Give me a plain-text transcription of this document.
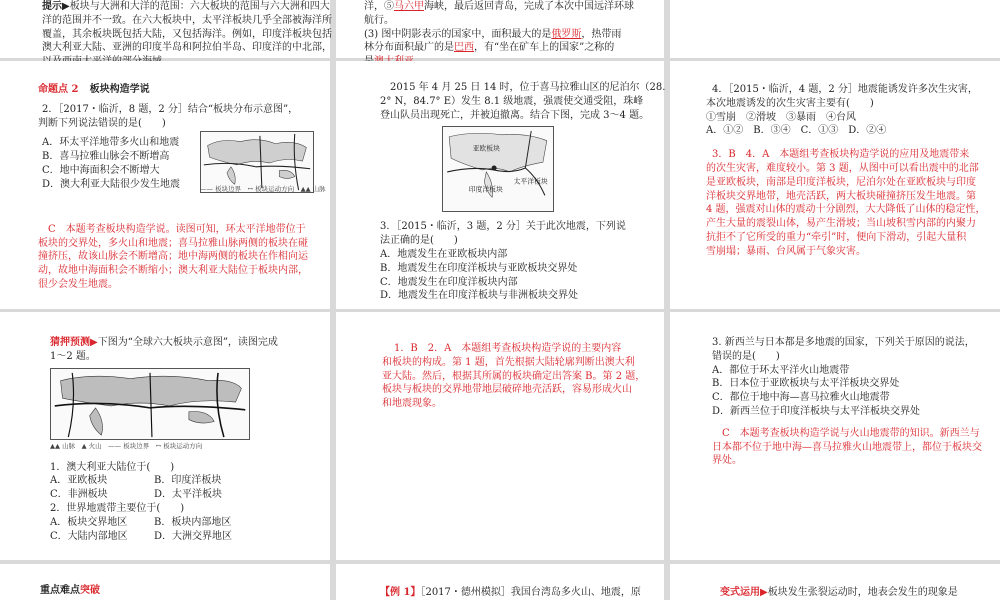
提示▶板块与大洲和大洋的范围：六大板块的范围与六大洲和四大
洋的范围并不一致。在六大板块中，太平洋板块几乎全部被海洋所
覆盖，其余板块既包括大陆，又包括海洋。例如，印度洋板块包括
澳大利亚大陆、亚洲的印度半岛和阿拉伯半岛、印度洋的中北部，
洋，⑤马六甲海峡，最后返回青岛，完成了本次中国远洋环球
航行。
(3) 图中阴影表示的国家中，面积最大的是俄罗斯，热带雨
林分布面积最广的是巴西，有“坐在矿车上的国家”之称的
命题点 2 板块构造学说
2．［2017・临沂，8 题，2 分］结合“板块分布示意图”，
判断下列说法错误的是(　　)
A．环太平洋地带多火山和地震
B．喜马拉雅山脉会不断增高
C．地中海面积会不断增大
D．澳大利亚大陆很少发生地震	—— 板块边界　↔ 板块运动方向　▲▲ 山脉
C　本题考查板块构造学说。读图可知，环太平洋地带位于
板块的交界处，多火山和地震；喜马拉雅山脉两侧的板块在碰
撞挤压，故该山脉会不断增高；地中海两侧的板块在作相向运
动，故地中海面积会不断缩小；澳大利亚大陆位于板块内部，
很少会发生地震。
2015 年 4 月 25 日 14 时，位于喜马拉雅山区的尼泊尔（28.
2° N，84.7° E）发生 8.1 级地震，强震使交通受阻，珠峰
登山队员出现死亡，并被迫撤离。结合下图，完成 3～4 题。
亚欧板块
印度洋板块
太平洋板块
3．［2015・临沂，3 题，2 分］关于此次地震，下列说
法正确的是(　　)
A．地震发生在亚欧板块内部
B．地震发生在印度洋板块与亚欧板块交界处
C．地震发生在印度洋板块内部
D．地震发生在印度洋板块与非洲板块交界处
4．［2015・临沂，4 题，2 分］地震能诱发许多次生灾害，
本次地震诱发的次生灾害主要有(　　)
①雪崩　②滑坡　③暴雨　④台风
A．①②　B．③④　C．①③　D．②④
3．B　4．A　本题组考查板块构造学说的应用及地震带来
的次生灾害，难度较小。第 3 题，从图中可以看出震中的北部
是亚欧板块，南部是印度洋板块，尼泊尔处在亚欧板块与印度
洋板块交界地带，地壳活跃，两大板块碰撞挤压发生地震。第
4 题，强震对山体的震动十分剧烈，大大降低了山体的稳定性，
产生大量的震裂山体，易产生滑坡；当山坡积雪内部的内聚力
抗拒不了它所受的重力“牵引”时，便向下滑动，引起大量积
雪崩塌；暴雨、台风属于气象灾害。
猜押预测▶下图为“全球六大板块示意图”，读图完成
1～2 题。
▲▲ 山脉　▲ 火山　—— 板块边界　↔ 板块运动方向
1．澳大利亚大陆位于(　　)
A．亚欧板块	B．印度洋板块
C．非洲板块	D．太平洋板块
2．世界地震带主要位于(　　)
A．板块交界地区	B．板块内部地区
C．大陆内部地区	D．大洲交界地区
1．B　2．A　本题组考查板块构造学说的主要内容
和板块的构成。第 1 题，首先根据大陆轮廓判断出澳大利
亚大陆。然后，根据其所属的板块确定出答案 B。第 2 题，
板块与板块的交界地带地层破碎地壳活跃，容易形成火山
和地震现象。
3. 新西兰与日本都是多地震的国家，下列关于原因的说法，
错误的是(　　)
A．都位于环太平洋火山地震带
B．日本位于亚欧板块与太平洋板块交界处
C．都位于地中海—喜马拉雅火山地震带
D．新西兰位于印度洋板块与太平洋板块交界处
C　本题考查板块构造学说与火山地震带的知识。新西兰与
日本都不位于地中海—喜马拉雅火山地震带上，都位于板块交
界处。
重点难点突破	【例 1】［2017・德州模拟］我国台湾岛多火山、地震，原	变式运用▶板块发生张裂运动时，地表会发生的现象是
